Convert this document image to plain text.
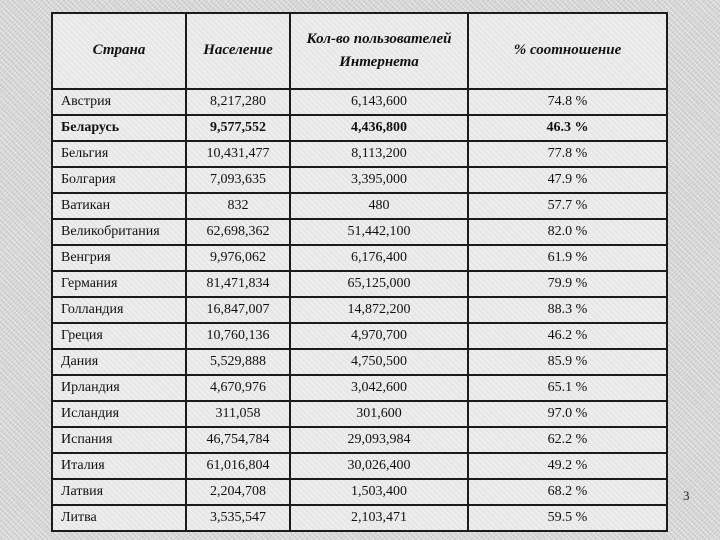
Страна	Население	Кол-во пользователей Интернета	% соотношение
Австрия	8,217,280	6,143,600	74.8 %
Беларусь	9,577,552	4,436,800	46.3 %
Бельгия	10,431,477	8,113,200	77.8 %
Болгария	7,093,635	3,395,000	47.9 %
Ватикан	832	480	57.7 %
Великобритания	62,698,362	51,442,100	82.0 %
Венгрия	9,976,062	6,176,400	61.9 %
Германия	81,471,834	65,125,000	79.9 %
Голландия	16,847,007	14,872,200	88.3 %
Греция	10,760,136	4,970,700	46.2 %
Дания	5,529,888	4,750,500	85.9 %
Ирландия	4,670,976	3,042,600	65.1 %
Исландия	311,058	301,600	97.0 %
Испания	46,754,784	29,093,984	62.2 %
Италия	61,016,804	30,026,400	49.2 %
Латвия	2,204,708	1,503,400	68.2 %
Литва	3,535,547	2,103,471	59.5 %
3
